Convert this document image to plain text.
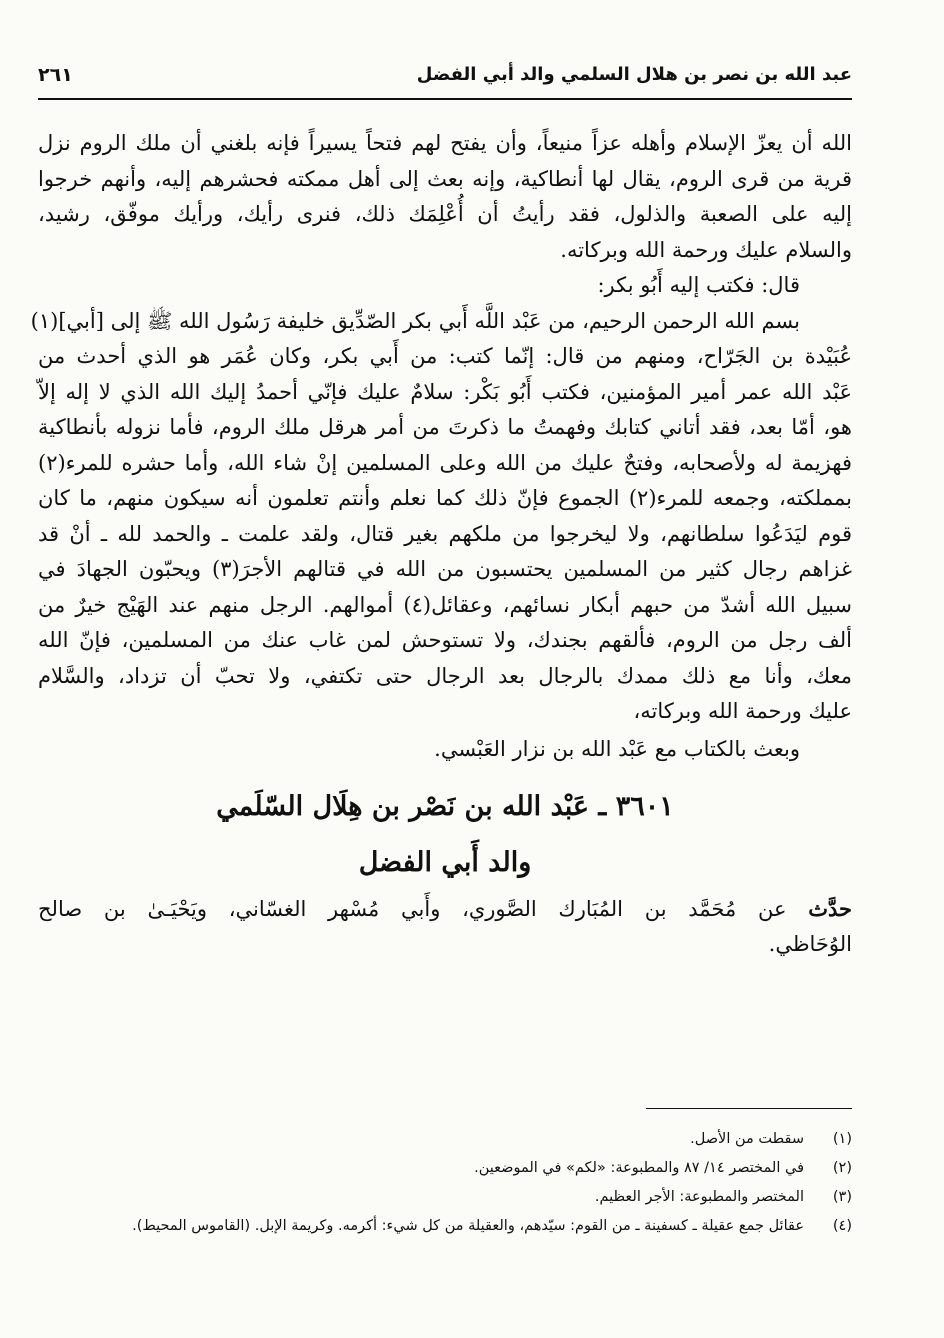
عبد الله بن نصر بن هلال السلمي والد أبي الفضل
٢٦١
الله أن يعزّ الإسلام وأهله عزاً منيعاً، وأن يفتح لهم فتحاً يسيراً فإنه بلغني أن ملك الروم نزل
قرية من قرى الروم، يقال لها أنطاكية، وإنه بعث إلى أهل ممكته فحشرهم إليه، وأنهم خرجوا
إليه على الصعبة والذلول، فقد رأيتُ أن أُعْلِمَك ذلك، فنرى رأيك، ورأيك موفّق، رشيد،
والسلام عليك ورحمة الله وبركاته.
قال: فكتب إليه أَبُو بكر:
بسم الله الرحمن الرحيم، من عَبْد اللَّه أَبي بكر الصّدِّيق خليفة رَسُول الله ﷺ إلى [أبي](١)
عُبَيْدة بن الجَرّاح، ومنهم من قال: إنّما كتب: من أَبي بكر، وكان عُمَر هو الذي أحدث من
عَبْد الله عمر أمير المؤمنين، فكتب أَبُو بَكْر: سلامٌ عليك فإنّي أحمدُ إليك الله الذي لا إله إلاّ
هو، أمّا بعد، فقد أتاني كتابك وفهمتُ ما ذكرتَ من أمر هرقل ملك الروم، فأما نزوله بأنطاكية
فهزيمة له ولأصحابه، وفتحٌ عليك من الله وعلى المسلمين إنْ شاء الله، وأما حشره للمرء(٢)
بمملكته، وجمعه للمرء(٢) الجموع فإنّ ذلك كما نعلم وأنتم تعلمون أنه سيكون منهم، ما كان
قوم ليَدَعُوا سلطانهم، ولا ليخرجوا من ملكهم بغير قتال، ولقد علمت ـ والحمد لله ـ أنْ قد
غزاهم رجال كثير من المسلمين يحتسبون من الله في قتالهم الأجرَ(٣) ويحبّون الجهادَ في
سبيل الله أشدّ من حبهم أبكار نسائهم، وعقائل(٤) أموالهم. الرجل منهم عند الهَيْج خيرٌ من
ألف رجل من الروم، فألقهم بجندك، ولا تستوحش لمن غاب عنك من المسلمين، فإنّ الله
معك، وأنا مع ذلك ممدك بالرجال بعد الرجال حتى تكتفي، ولا تحبّ أن تزداد، والسَّلام
عليك ورحمة الله وبركاته،
وبعث بالكتاب مع عَبْد الله بن نزار العَبْسي.
٣٦٠١ ـ عَبْد الله بن نَصْر بن هِلَال السّلَمي
والد أَبي الفضل
حدَّث عن مُحَمَّد بن المُبَارك الصَّوري، وأَبي مُسْهر الغسّاني، ويَحْيَـىٰ بن صالح
الوُحَاظي.
(١)
سقطت من الأصل.
(٢)
في المختصر ١٤/ ٨٧ والمطبوعة: «لكم» في الموضعين.
(٣)
المختصر والمطبوعة: الأجر العظيم.
(٤)
عقائل جمع عقيلة ـ كسفينة ـ من القوم: سيّدهم، والعقيلة من كل شيء: أكرمه. وكريمة الإبل. (القاموس المحيط).
